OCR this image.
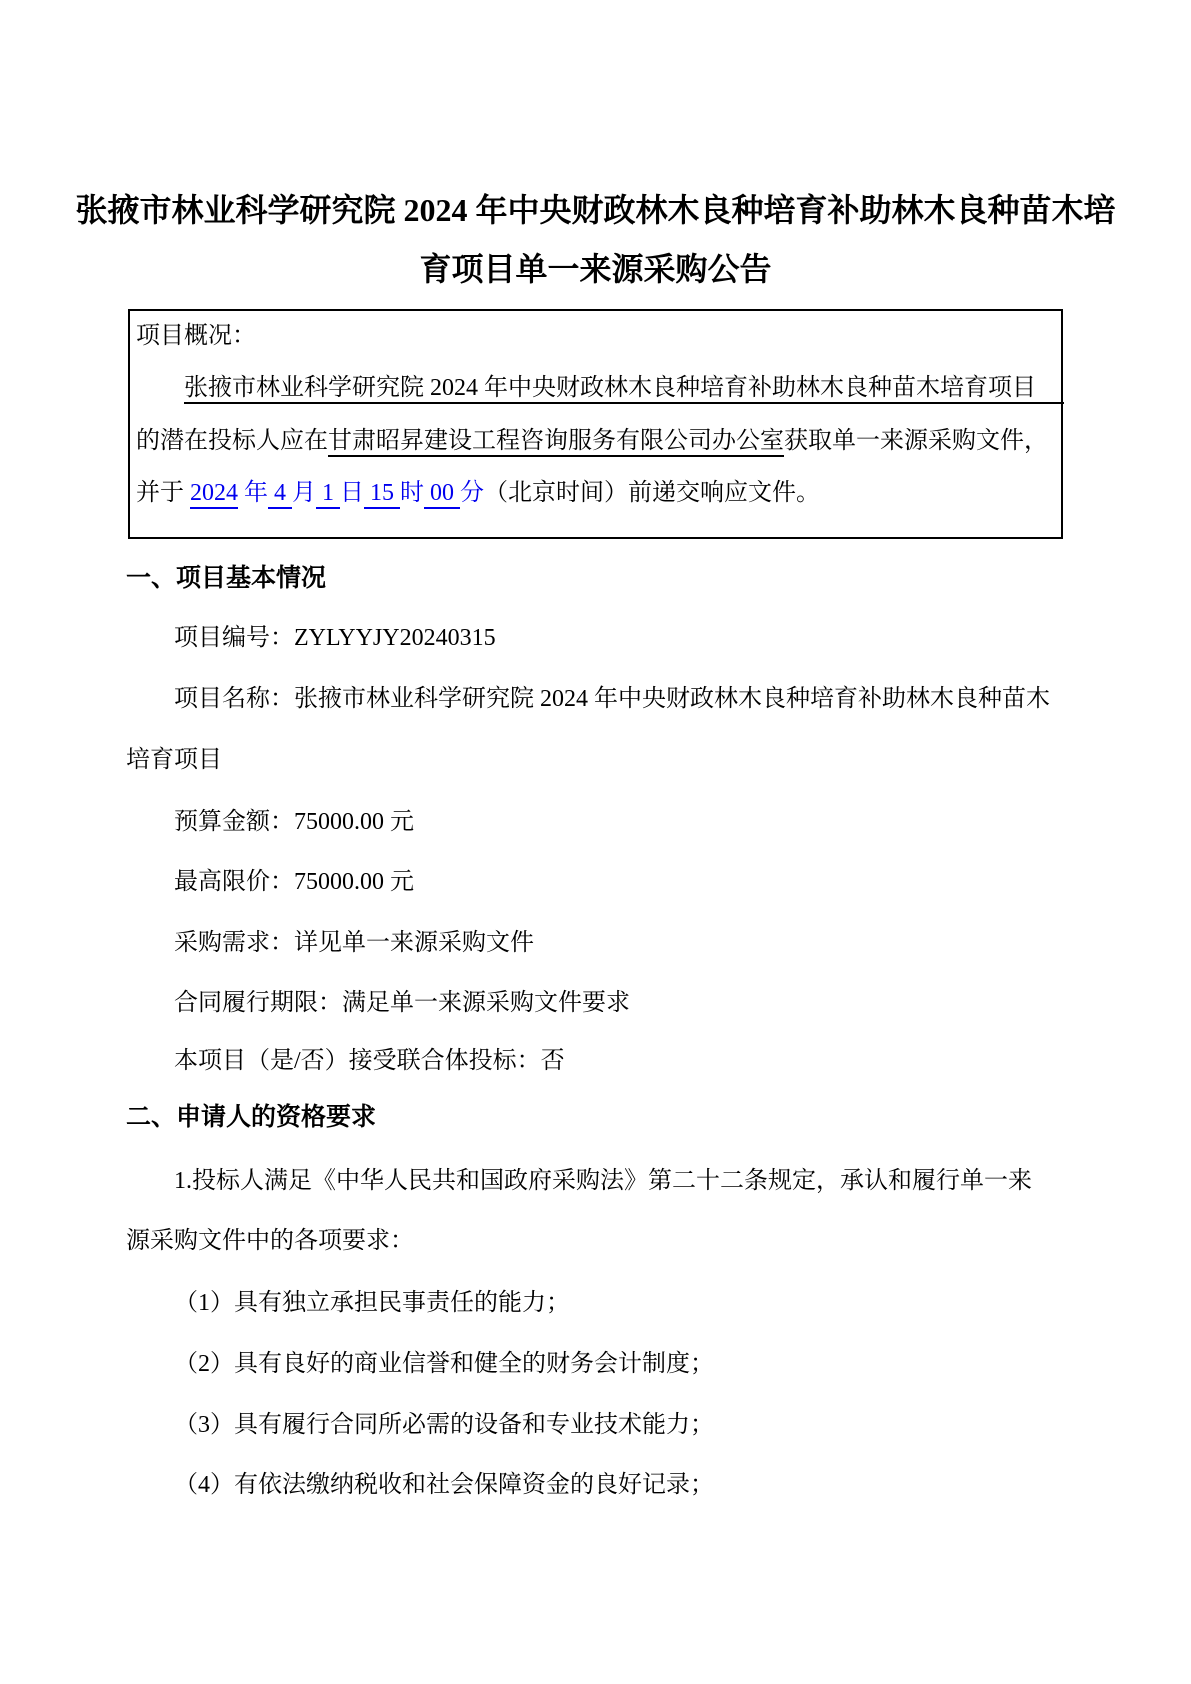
张掖市林业科学研究院 2024 年中央财政林木良种培育补助林木良种苗木培
育项目单一来源采购公告
项目概况：
张掖市林业科学研究院 2024 年中央财政林木良种培育补助林木良种苗木培育项目
的潜在投标人应在甘肃昭昇建设工程咨询服务有限公司办公室获取单一来源采购文件，
并于 2024 年 4 月 1 日 15 时 00 分（北京时间）前递交响应文件。
一、项目基本情况
项目编号：ZYLYYJY20240315
项目名称：张掖市林业科学研究院 2024 年中央财政林木良种培育补助林木良种苗木
培育项目
预算金额：75000.00 元
最高限价：75000.00 元
采购需求：详见单一来源采购文件
合同履行期限：满足单一来源采购文件要求
本项目（是/否）接受联合体投标：否
二、申请人的资格要求
1.投标人满足《中华人民共和国政府采购法》第二十二条规定，承认和履行单一来
源采购文件中的各项要求：
（1）具有独立承担民事责任的能力；
（2）具有良好的商业信誉和健全的财务会计制度；
（3）具有履行合同所必需的设备和专业技术能力；
（4）有依法缴纳税收和社会保障资金的良好记录；
